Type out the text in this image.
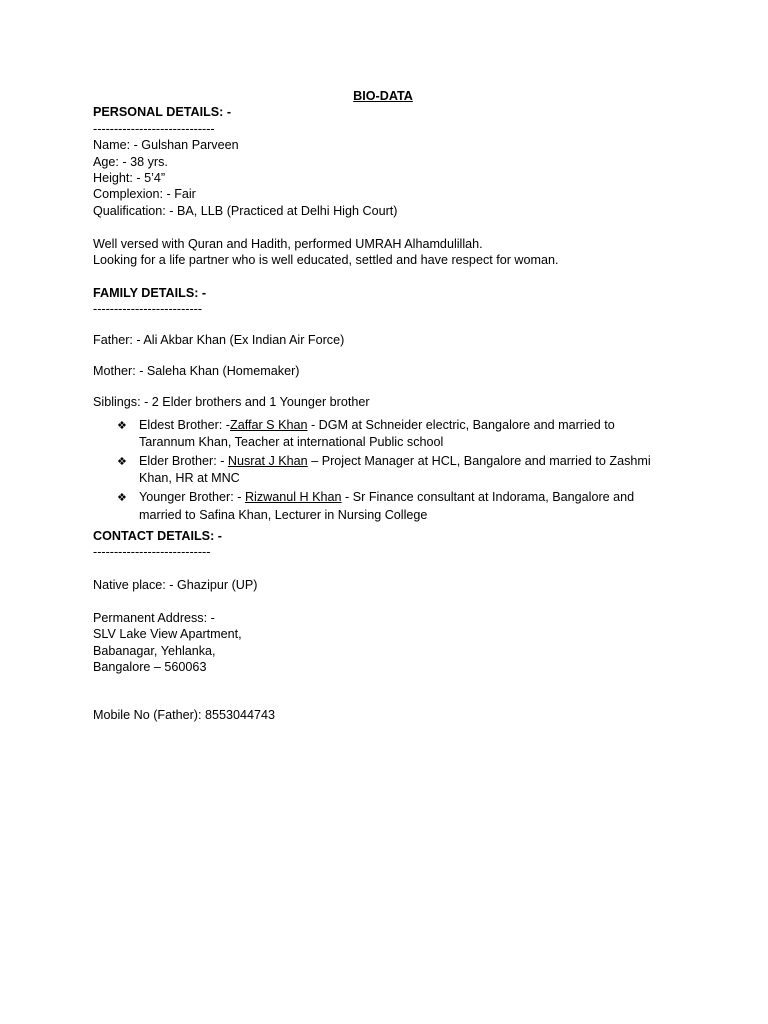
BIO-DATA
PERSONAL DETAILS: -
-----------------------------
Name: - Gulshan Parveen
Age: - 38 yrs.
Height: - 5’4”
Complexion: - Fair
Qualification: - BA, LLB (Practiced at Delhi High Court)
Well versed with Quran and Hadith, performed UMRAH Alhamdulillah.
Looking for a life partner who is well educated, settled and have respect for woman.
FAMILY DETAILS: -
--------------------------
Father: - Ali Akbar Khan (Ex Indian Air Force)
Mother: - Saleha Khan (Homemaker)
Siblings: - 2 Elder brothers and 1 Younger brother
❖ Eldest Brother: -Zaffar S Khan - DGM at Schneider electric, Bangalore and married to Tarannum Khan, Teacher at international Public school
❖ Elder Brother: - Nusrat J Khan – Project Manager at HCL, Bangalore and married to Zashmi Khan, HR at MNC
❖ Younger Brother: - Rizwanul H Khan - Sr Finance consultant at Indorama, Bangalore and married to Safina Khan, Lecturer in Nursing College
CONTACT DETAILS: -
----------------------------
Native place: - Ghazipur (UP)
Permanent Address: -
SLV Lake View Apartment,
Babanagar, Yehlanka,
Bangalore – 560063
Mobile No (Father): 8553044743
